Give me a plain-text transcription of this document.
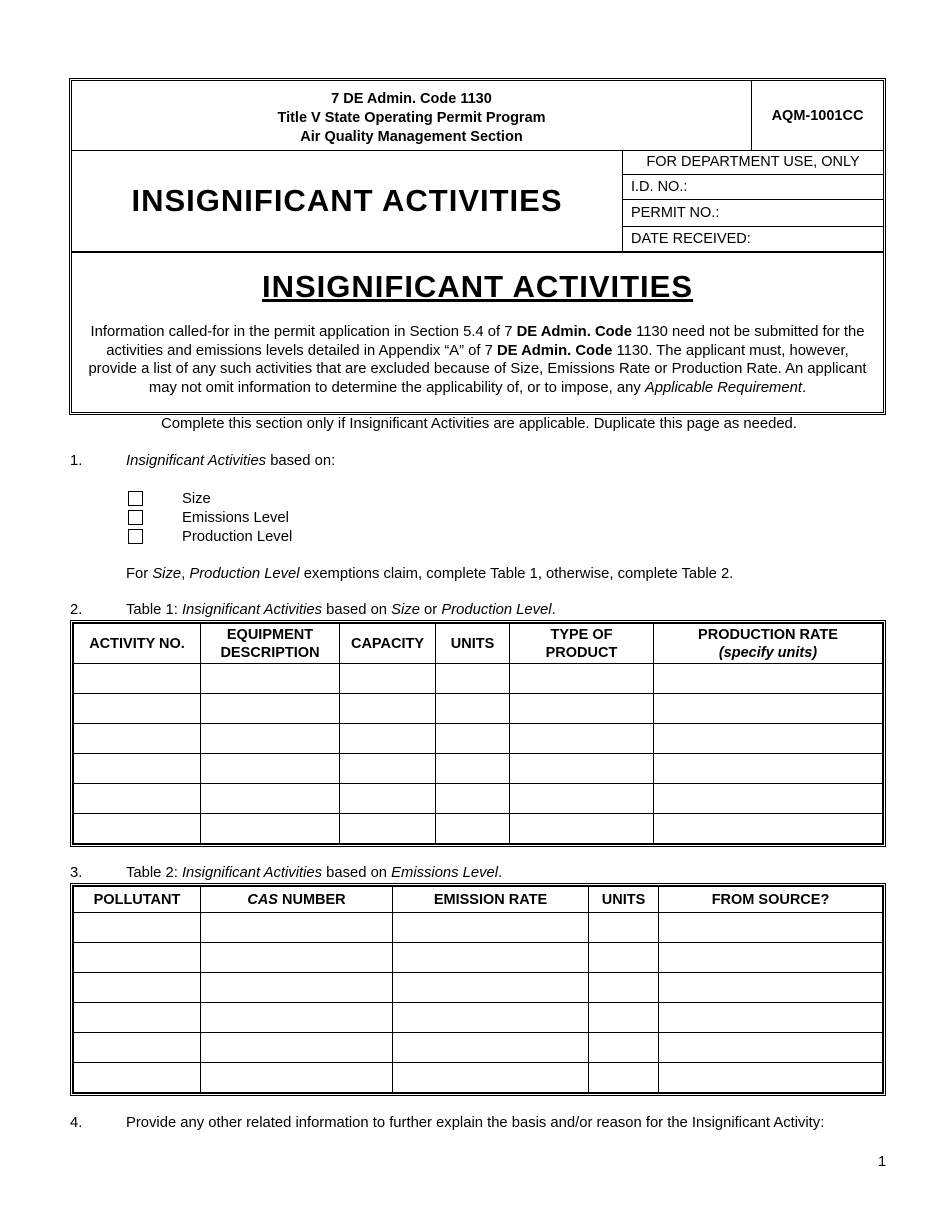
7 DE Admin. Code 1130
Title V State Operating Permit Program
Air Quality Management Section
AQM-1001CC
INSIGNIFICANT ACTIVITIES
FOR DEPARTMENT USE, ONLY
I.D. NO.:
PERMIT NO.:
DATE RECEIVED:
INSIGNIFICANT ACTIVITIES
Information called-for in the permit application in Section 5.4 of 7 DE Admin. Code 1130 need not be submitted for the activities and emissions levels detailed in Appendix “A” of 7 DE Admin. Code 1130. The applicant must, however, provide a list of any such activities that are excluded because of Size, Emissions Rate or Production Rate. An applicant may not omit information to determine the applicability of, or to impose, any Applicable Requirement.
Complete this section only if Insignificant Activities are applicable. Duplicate this page as needed.
1.	Insignificant Activities based on:
Size
Emissions Level
Production Level
For Size, Production Level exemptions claim, complete Table 1, otherwise, complete Table 2.
2.	Table 1: Insignificant Activities based on Size or Production Level.
ACTIVITY NO.	EQUIPMENT DESCRIPTION	CAPACITY	UNITS	TYPE OF PRODUCT	PRODUCTION RATE
(specify units)

3.	Table 2: Insignificant Activities based on Emissions Level.
POLLUTANT	CAS NUMBER	EMISSION RATE	UNITS	FROM SOURCE?

4.	Provide any other related information to further explain the basis and/or reason for the Insignificant Activity:
1
